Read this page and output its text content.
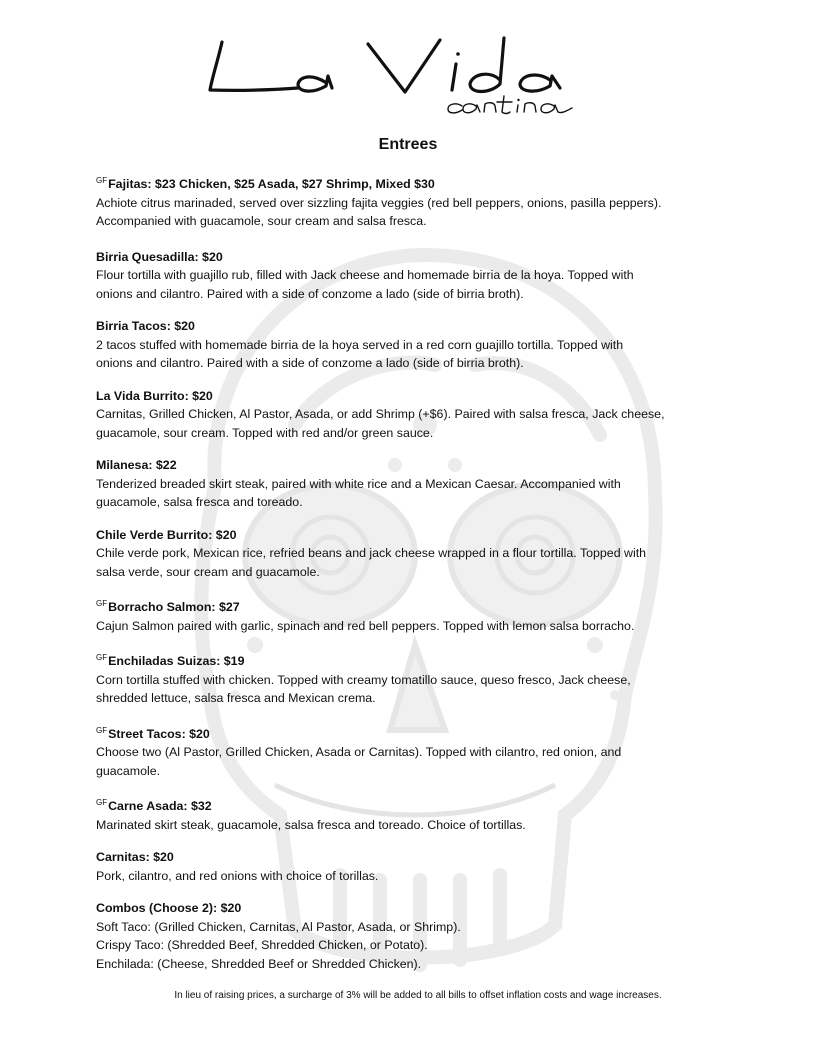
Entrees
$^{GF}$Fajitas: $23 Chicken, $25 Asada, $27 Shrimp, Mixed $30
Achiote citrus marinaded, served over sizzling fajita veggies (red bell peppers, onions, pasilla peppers).
Accompanied with guacamole, sour cream and salsa fresca.
Birria Quesadilla: $20
Flour tortilla with guajillo rub, filled with Jack cheese and homemade birria de la hoya. Topped with
onions and cilantro. Paired with a side of conzome a lado (side of birria broth).
Birria Tacos: $20
2 tacos stuffed with homemade birria de la hoya served in a red corn guajillo tortilla. Topped with
onions and cilantro. Paired with a side of conzome a lado (side of birria broth).
La Vida Burrito: $20
Carnitas, Grilled Chicken, Al Pastor, Asada, or add Shrimp (+$6). Paired with salsa fresca, Jack cheese,
guacamole, sour cream. Topped with red and/or green sauce.
Milanesa: $22
Tenderized breaded skirt steak, paired with white rice and a Mexican Caesar. Accompanied with
guacamole, salsa fresca and toreado.
Chile Verde Burrito: $20
Chile verde pork, Mexican rice, refried beans and jack cheese wrapped in a flour tortilla. Topped with
salsa verde, sour cream and guacamole.
$^{GF}$Borracho Salmon: $27
Cajun Salmon paired with garlic, spinach and red bell peppers. Topped with lemon salsa borracho.
$^{GF}$Enchiladas Suizas: $19
Corn tortilla stuffed with chicken. Topped with creamy tomatillo sauce, queso fresco, Jack cheese,
shredded lettuce, salsa fresca and Mexican crema.
$^{GF}$Street Tacos: $20
Choose two (Al Pastor, Grilled Chicken, Asada or Carnitas). Topped with cilantro, red onion, and
guacamole.
$^{GF}$Carne Asada: $32
Marinated skirt steak, guacamole, salsa fresca and toreado. Choice of tortillas.
Carnitas: $20
Pork, cilantro, and red onions with choice of torillas.
Combos (Choose 2): $20
Soft Taco: (Grilled Chicken, Carnitas, Al Pastor, Asada, or Shrimp).
Crispy Taco: (Shredded Beef, Shredded Chicken, or Potato).
Enchilada: (Cheese, Shredded Beef or Shredded Chicken).
In lieu of raising prices, a surcharge of 3% will be added to all bills to offset inflation costs and wage increases.
